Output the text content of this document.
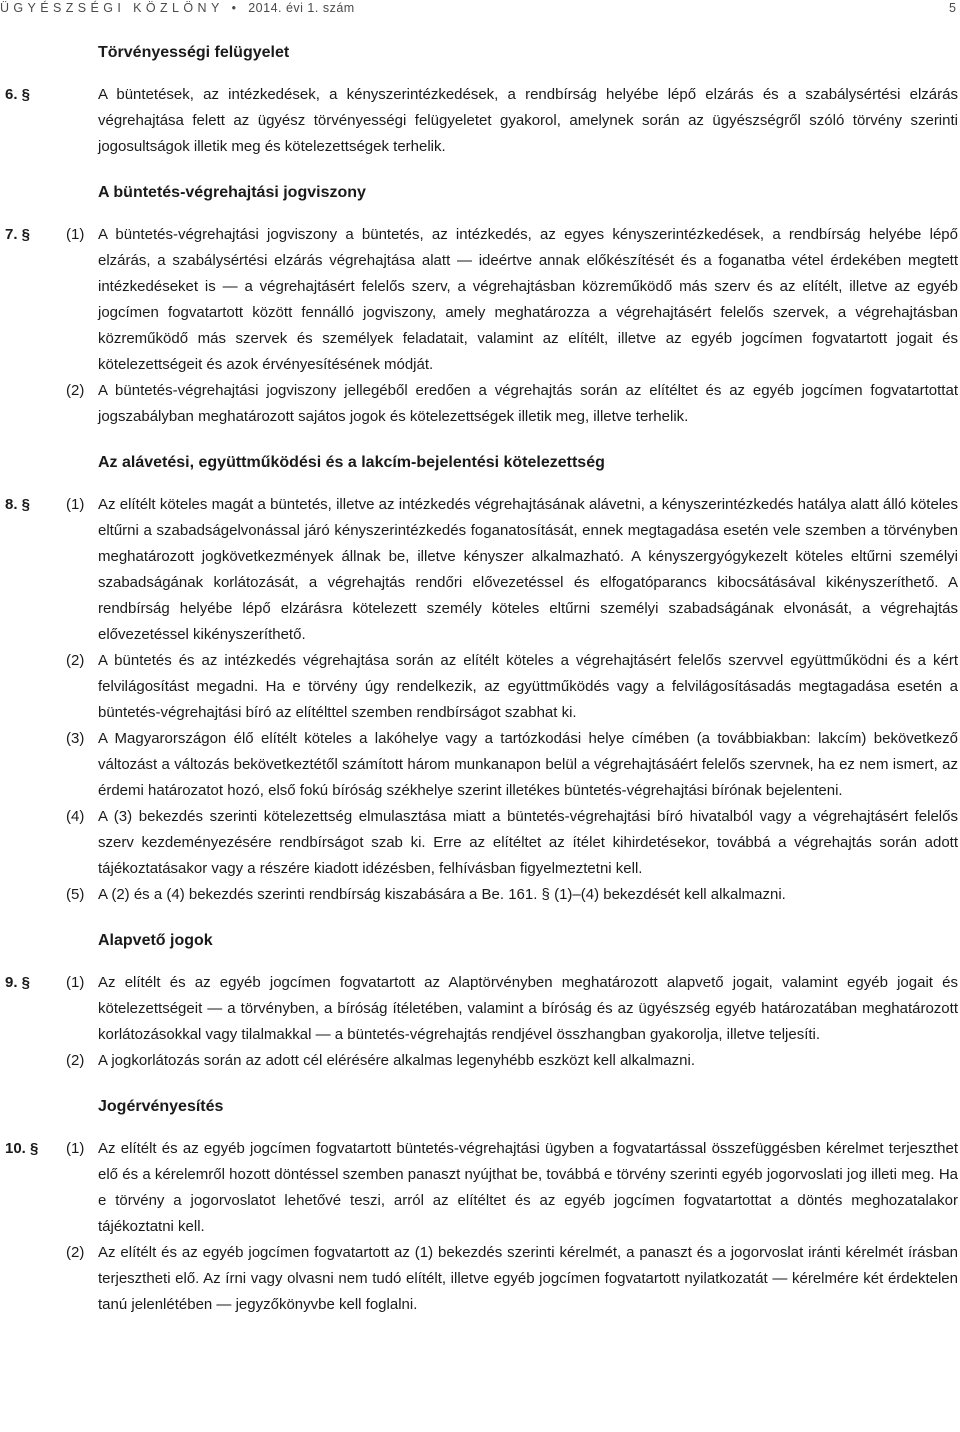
ÜGYÉSZSÉGI KÖZLÖNY • 2014. évi 1. szám	5
Törvényességi felügyelet
6. §	A büntetések, az intézkedések, a kényszerintézkedések, a rendbírság helyébe lépő elzárás és a szabálysértési elzárás végrehajtása felett az ügyész törvényességi felügyeletet gyakorol, amelynek során az ügyészségről szóló törvény szerinti jogosultságok illetik meg és kötelezettségek terhelik.

A büntetés-végrehajtási jogviszony
7. § (1) A büntetés-végrehajtási jogviszony a büntetés, az intézkedés, az egyes kényszerintézkedések, a rendbírság helyébe lépő elzárás, a szabálysértési elzárás végrehajtása alatt — ideértve annak előkészítését és a foganatba vétel érdekében megtett intézkedéseket is — a végrehajtásért felelős szerv, a végrehajtásban közreműködő más szerv és az elítélt, illetve az egyéb jogcímen fogvatartott között fennálló jogviszony, amely meghatározza a végrehajtásért felelős szervek, a végrehajtásban közreműködő más szervek és személyek feladatait, valamint az elítélt, illetve az egyéb jogcímen fogvatartott jogait és kötelezettségeit és azok érvényesítésének módját.

(2) A büntetés-végrehajtási jogviszony jellegéből eredően a végrehajtás során az elítéltet és az egyéb jogcímen fogvatartottat jogszabályban meghatározott sajátos jogok és kötelezettségek illetik meg, illetve terhelik.

Az alávetési, együttműködési és a lakcím-bejelentési kötelezettség
8. § (1) Az elítélt köteles magát a büntetés, illetve az intézkedés végrehajtásának alávetni, a kényszerintézkedés hatálya alatt álló köteles eltűrni a szabadságelvonással járó kényszerintézkedés foganatosítását, ennek megtagadása esetén vele szemben a törvényben meghatározott jogkövetkezmények állnak be, illetve kényszer alkalmazható. A kényszergyógykezelt köteles eltűrni személyi szabadságának korlátozását, a végrehajtás rendőri elővezetéssel és elfogatóparancs kibocsátásával kikényszeríthető. A rendbírság helyébe lépő elzárásra kötelezett személy köteles eltűrni személyi szabadságának elvonását, a végrehajtás elővezetéssel kikényszeríthető.

(2) A büntetés és az intézkedés végrehajtása során az elítélt köteles a végrehajtásért felelős szervvel együttműködni és a kért felvilágosítást megadni. Ha e törvény úgy rendelkezik, az együttműködés vagy a felvilágosításadás megtagadása esetén a büntetés-végrehajtási bíró az elítélttel szemben rendbírságot szabhat ki.

(3) A Magyarországon élő elítélt köteles a lakóhelye vagy a tartózkodási helye címében (a továbbiakban: lakcím) bekövetkező változást a változás bekövetkeztétől számított három munkanapon belül a végrehajtásáért felelős szervnek, ha ez nem ismert, az érdemi határozatot hozó, első fokú bíróság székhelye szerint illetékes büntetés-végrehajtási bírónak bejelenteni.

(4) A (3) bekezdés szerinti kötelezettség elmulasztása miatt a büntetés-végrehajtási bíró hivatalból vagy a végrehajtásért felelős szerv kezdeményezésére rendbírságot szab ki. Erre az elítéltet az ítélet kihirdetésekor, továbbá a végrehajtás során adott tájékoztatásakor vagy a részére kiadott idézésben, felhívásban figyelmeztetni kell.

(5) A (2) és a (4) bekezdés szerinti rendbírság kiszabására a Be. 161. § (1)–(4) bekezdését kell alkalmazni.

Alapvető jogok
9. § (1) Az elítélt és az egyéb jogcímen fogvatartott az Alaptörvényben meghatározott alapvető jogait, valamint egyéb jogait és kötelezettségeit — a törvényben, a bíróság ítéletében, valamint a bíróság és az ügyészség egyéb határozatában meghatározott korlátozásokkal vagy tilalmakkal — a büntetés-végrehajtás rendjével összhangban gyakorolja, illetve teljesíti.

(2) A jogkorlátozás során az adott cél elérésére alkalmas legenyhébb eszközt kell alkalmazni.

Jogérvényesítés
10. § (1) Az elítélt és az egyéb jogcímen fogvatartott büntetés-végrehajtási ügyben a fogvatartással összefüggésben kérelmet terjeszthet elő és a kérelemről hozott döntéssel szemben panaszt nyújthat be, továbbá e törvény szerinti egyéb jogorvoslati jog illeti meg. Ha e törvény a jogorvoslatot lehetővé teszi, arról az elítéltet és az egyéb jogcímen fogvatartottat a döntés meghozatalakor tájékoztatni kell.

(2) Az elítélt és az egyéb jogcímen fogvatartott az (1) bekezdés szerinti kérelmét, a panaszt és a jogorvoslat iránti kérelmét írásban terjesztheti elő. Az írni vagy olvasni nem tudó elítélt, illetve egyéb jogcímen fogvatartott nyilatkozatát — kérelmére két érdektelen tanú jelenlétében — jegyzőkönyvbe kell foglalni.
